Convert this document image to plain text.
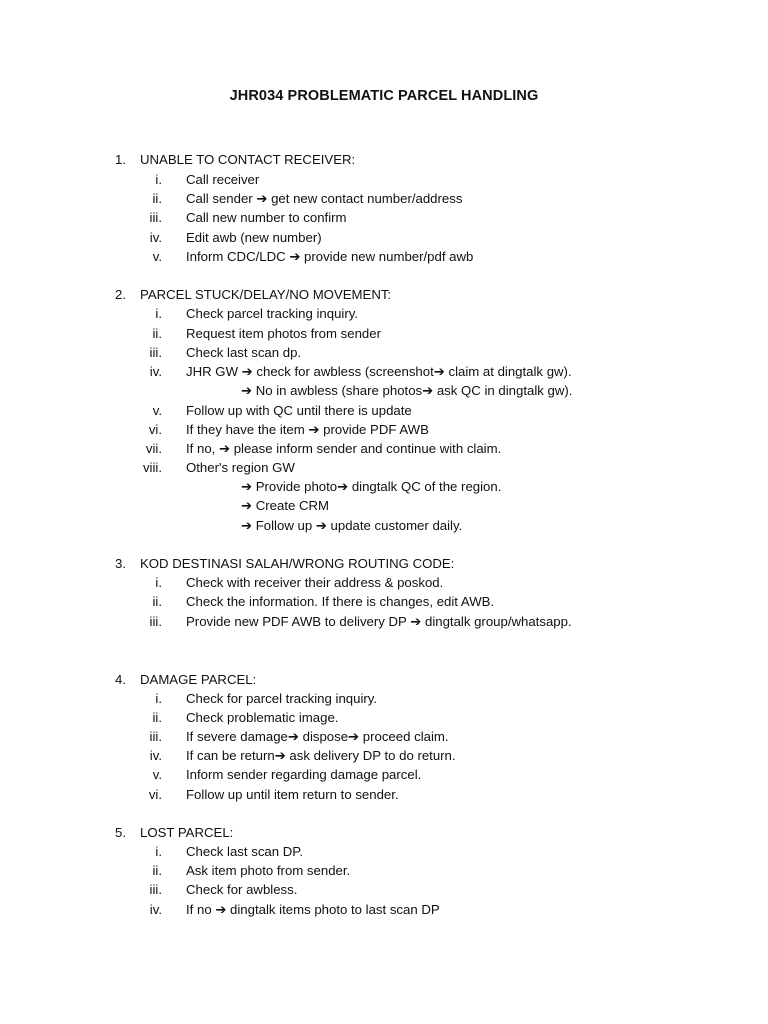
JHR034 PROBLEMATIC PARCEL HANDLING
1. UNABLE TO CONTACT RECEIVER:
i. Call receiver
ii. Call sender ➔ get new contact number/address
iii. Call new number to confirm
iv. Edit awb (new number)
v. Inform CDC/LDC ➔ provide new number/pdf awb
2. PARCEL STUCK/DELAY/NO MOVEMENT:
i. Check parcel tracking inquiry.
ii. Request item photos from sender
iii. Check last scan dp.
iv. JHR GW ➔ check for awbless (screenshot➔ claim at dingtalk gw).
➔ No in awbless (share photos➔ ask QC in dingtalk gw).
v. Follow up with QC until there is update
vi. If they have the item ➔ provide PDF AWB
vii. If no, ➔ please inform sender and continue with claim.
viii. Other's region GW
➔ Provide photo➔ dingtalk QC of the region.
➔ Create CRM
➔ Follow up ➔ update customer daily.
3. KOD DESTINASI SALAH/WRONG ROUTING CODE:
i. Check with receiver their address & poskod.
ii. Check the information. If there is changes, edit AWB.
iii. Provide new PDF AWB to delivery DP ➔ dingtalk group/whatsapp.
4. DAMAGE PARCEL:
i. Check for parcel tracking inquiry.
ii. Check problematic image.
iii. If severe damage➔ dispose➔ proceed claim.
iv. If can be return➔ ask delivery DP to do return.
v. Inform sender regarding damage parcel.
vi. Follow up until item return to sender.
5. LOST PARCEL:
i. Check last scan DP.
ii. Ask item photo from sender.
iii. Check for awbless.
iv. If no ➔ dingtalk items photo to last scan DP
